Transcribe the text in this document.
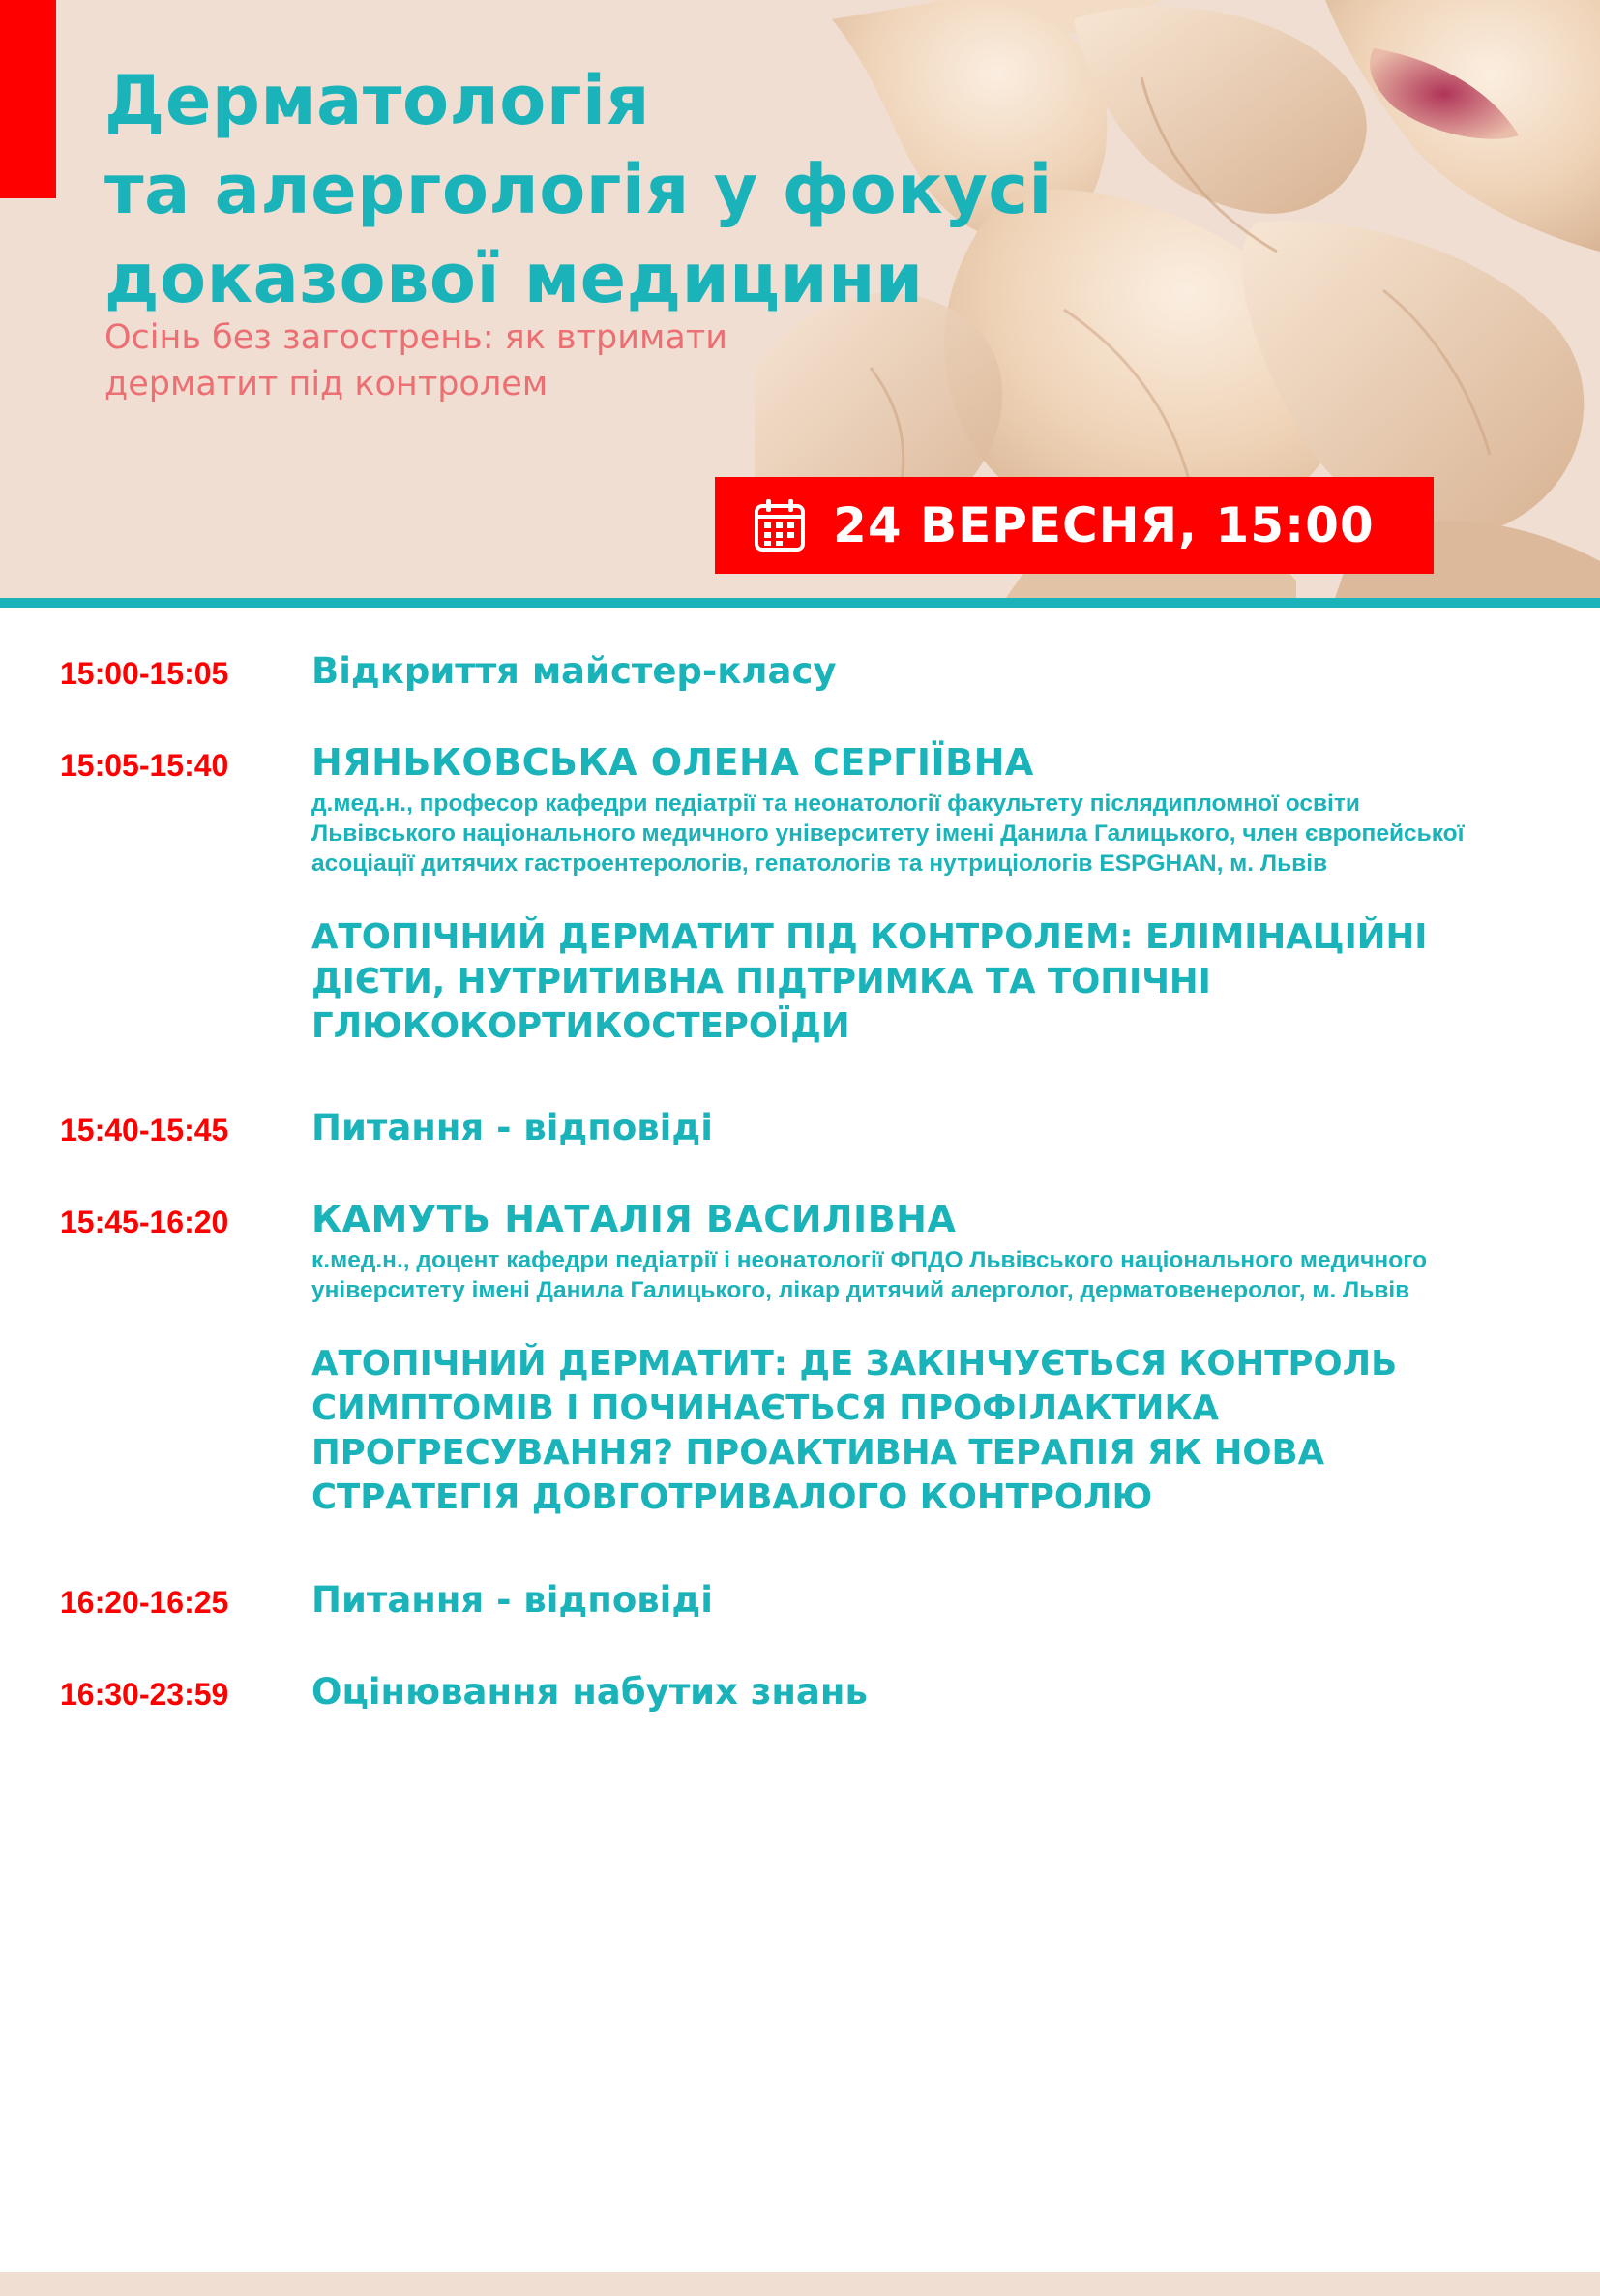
Дерматологія
та алергологія у фокусі
доказової медицини
Осінь без загострень: як втримати
дерматит під контролем
24 ВЕРЕСНЯ, 15:00
15:00-15:05 Відкриття майстер-класу
15:05-15:40 НЯНЬКОВСЬКА ОЛЕНА СЕРГІЇВНА
д.мед.н., професор кафедри педіатрії та неонатології факультету післядипломної освіти
Львівського національного медичного університету імені Данила Галицького, член європейської
асоціації дитячих гастроентерологів, гепатологів та нутриціологів ESPGHAN, м. Львів
АТОПІЧНИЙ ДЕРМАТИТ ПІД КОНТРОЛЕМ: ЕЛІМІНАЦІЙНІ
ДІЄТИ, НУТРИТИВНА ПІДТРИМКА ТА ТОПІЧНІ
ГЛЮКОКОРТИКОСТЕРОЇДИ
15:40-15:45 Питання - відповіді
15:45-16:20 КАМУТЬ НАТАЛІЯ ВАСИЛІВНА
к.мед.н., доцент кафедри педіатрії і неонатології ФПДО Львівського національного медичного
університету імені Данила Галицького, лікар дитячий алерголог, дерматовенеролог, м. Львів
АТОПІЧНИЙ ДЕРМАТИТ: ДЕ ЗАКІНЧУЄТЬСЯ КОНТРОЛЬ
СИМПТОМІВ І ПОЧИНАЄТЬСЯ ПРОФІЛАКТИКА
ПРОГРЕСУВАННЯ? ПРОАКТИВНА ТЕРАПІЯ ЯК НОВА
СТРАТЕГІЯ ДОВГОТРИВАЛОГО КОНТРОЛЮ
16:20-16:25 Питання - відповіді
16:30-23:59 Оцінювання набутих знань
